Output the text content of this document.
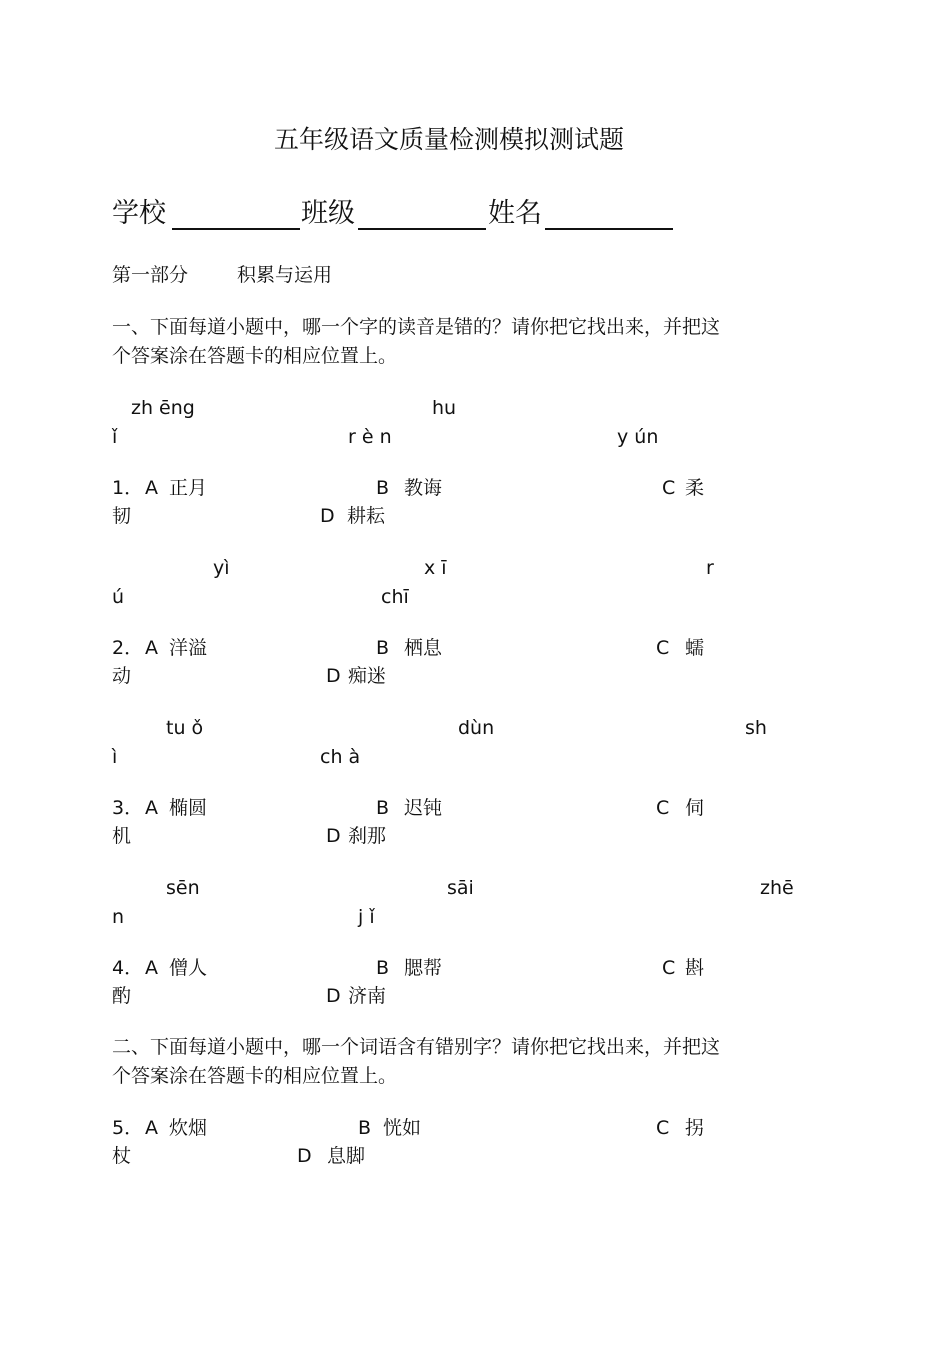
五年级语文质量检测模拟测试题
学校	班级	姓名
第一部分	积累与运用
一、下面每道小题中，哪一个字的读音是错的？请你把它找出来，并把这
个答案涂在答题卡的相应位置上。
zh ēng	hu
ǐ	r è n	y ún
1． A 正月	B 教诲	C 柔
韧	D 耕耘
yì	x ī	r
ú	chī
2． A 洋溢	B 栖息	C 蠕
动	D 痴迷
tu ǒ	dùn	sh
ì	ch à
3． A 椭圆	B 迟钝	C 伺
机	D 刹那
sēn	sāi	zhē
n	j ǐ
4． A 僧人	B 腮帮	C 斟
酌	D 济南
二、下面每道小题中，哪一个词语含有错别字？请你把它找出来，并把这
个答案涂在答题卡的相应位置上。
5． A 炊烟	B 恍如	C 拐
杖	D 息脚
